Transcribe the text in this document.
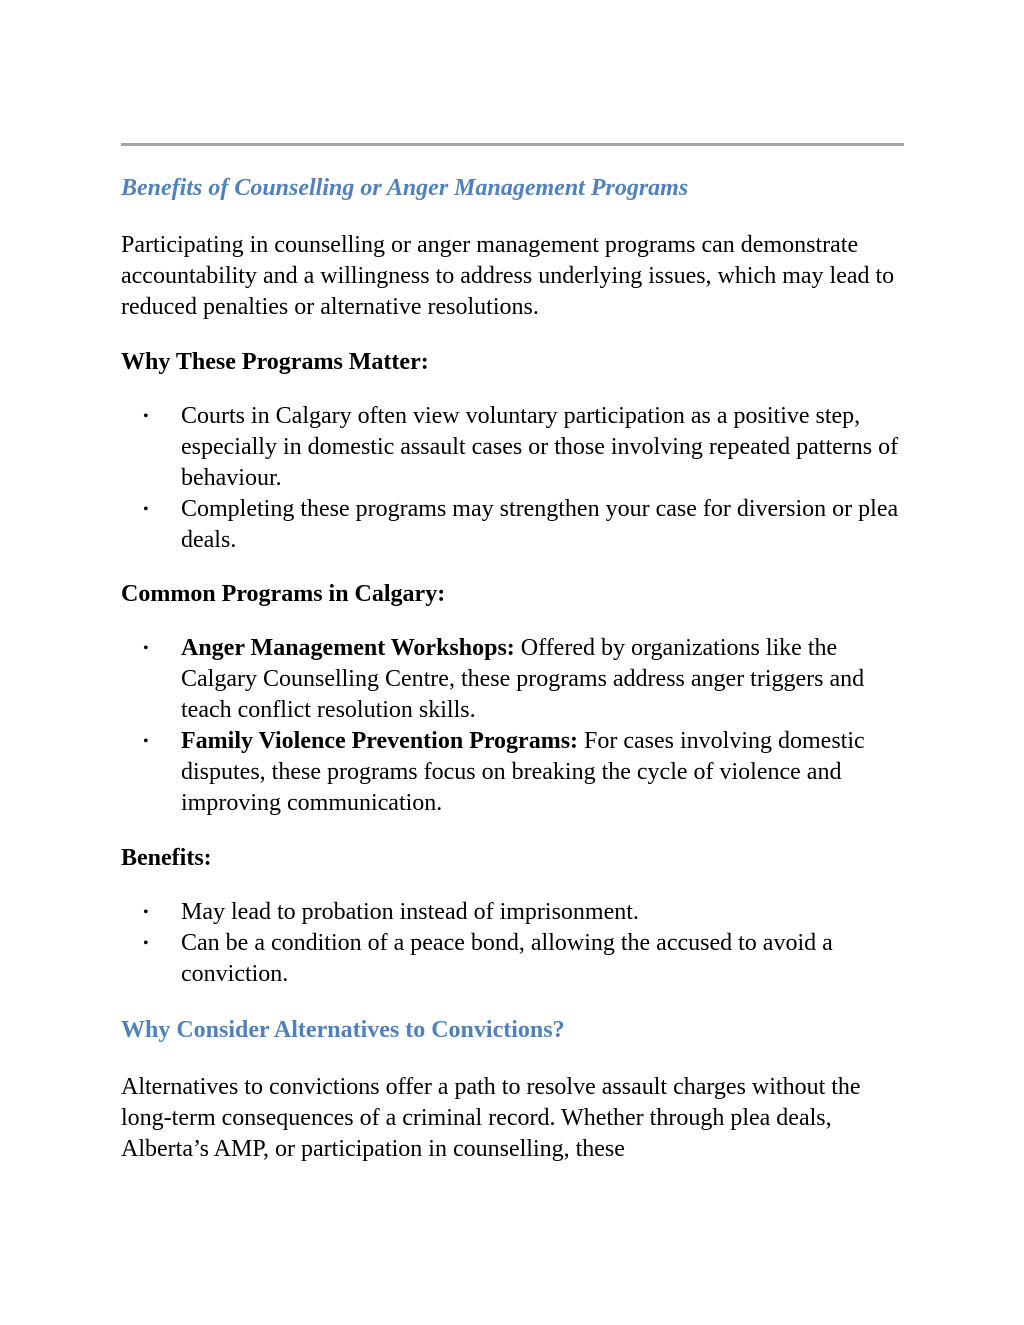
Benefits of Counselling or Anger Management Programs

Participating in counselling or anger management programs can demonstrate accountability and a willingness to address underlying issues, which may lead to reduced penalties or alternative resolutions.

Why These Programs Matter:
• Courts in Calgary often view voluntary participation as a positive step, especially in domestic assault cases or those involving repeated patterns of behaviour.
• Completing these programs may strengthen your case for diversion or plea deals.
Common Programs in Calgary:
• Anger Management Workshops: Offered by organizations like the Calgary Counselling Centre, these programs address anger triggers and teach conflict resolution skills.
• Family Violence Prevention Programs: For cases involving domestic disputes, these programs focus on breaking the cycle of violence and improving communication.
Benefits:
• May lead to probation instead of imprisonment.
• Can be a condition of a peace bond, allowing the accused to avoid a conviction.
Why Consider Alternatives to Convictions?

Alternatives to convictions offer a path to resolve assault charges without the long-term consequences of a criminal record. Whether through plea deals, Alberta’s AMP, or participation in counselling, these
